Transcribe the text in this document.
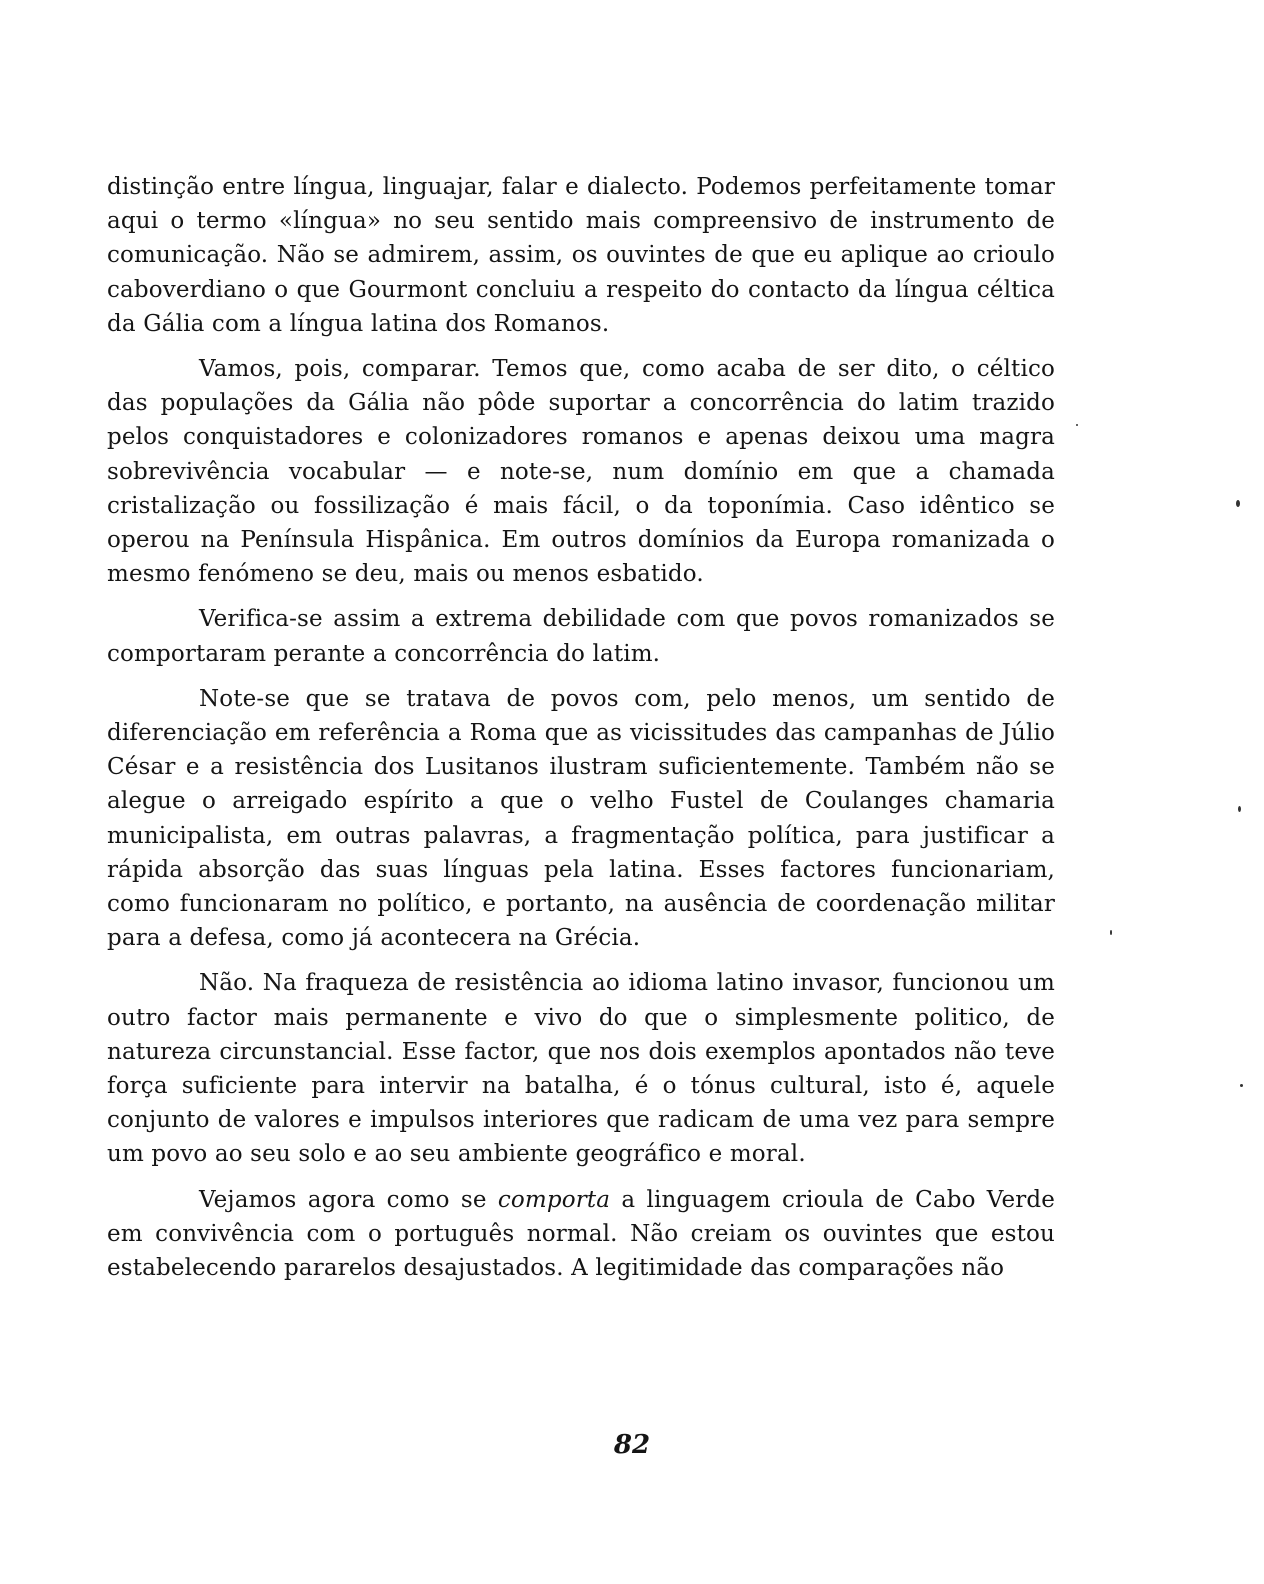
distinção entre língua, linguajar, falar e dialecto. Podemos perfeitamente tomar aqui o termo «língua» no seu sentido mais compreensivo de instrumento de comunicação. Não se admirem, assim, os ouvintes de que eu aplique ao crioulo caboverdiano o que Gourmont concluiu a respeito do contacto da língua céltica da Gália com a língua latina dos Romanos.

Vamos, pois, comparar. Temos que, como acaba de ser dito, o céltico das populações da Gália não pôde suportar a concorrência do latim trazido pelos conquistadores e colonizadores romanos e apenas deixou uma magra sobrevivência vocabular — e note-se, num domínio em que a chamada cristalização ou fossilização é mais fácil, o da toponímia. Caso idêntico se operou na Península Hispânica. Em outros domínios da Europa romanizada o mesmo fenómeno se deu, mais ou menos esbatido.

Verifica-se assim a extrema debilidade com que povos romanizados se comportaram perante a concorrência do latim.

Note-se que se tratava de povos com, pelo menos, um sentido de diferenciação em referência a Roma que as vicissitudes das campanhas de Júlio César e a resistência dos Lusitanos ilustram suficientemente. Também não se alegue o arreigado espírito a que o velho Fustel de Coulanges chamaria municipalista, em outras palavras, a fragmentação política, para justificar a rápida absorção das suas línguas pela latina. Esses factores funcionariam, como funcionaram no político, e portanto, na ausência de coordenação militar para a defesa, como já acontecera na Grécia.

Não. Na fraqueza de resistência ao idioma latino invasor, funcionou um outro factor mais permanente e vivo do que o simplesmente politico, de natureza circunstancial. Esse factor, que nos dois exemplos apontados não teve força suficiente para intervir na batalha, é o tónus cultural, isto é, aquele conjunto de valores e impulsos interiores que radicam de uma vez para sempre um povo ao seu solo e ao seu ambiente geográfico e moral.

Vejamos agora como se comporta a linguagem crioula de Cabo Verde em convivência com o português normal. Não creiam os ouvintes que estou estabelecendo pararelos desajustados. A legitimidade das comparações não

82
